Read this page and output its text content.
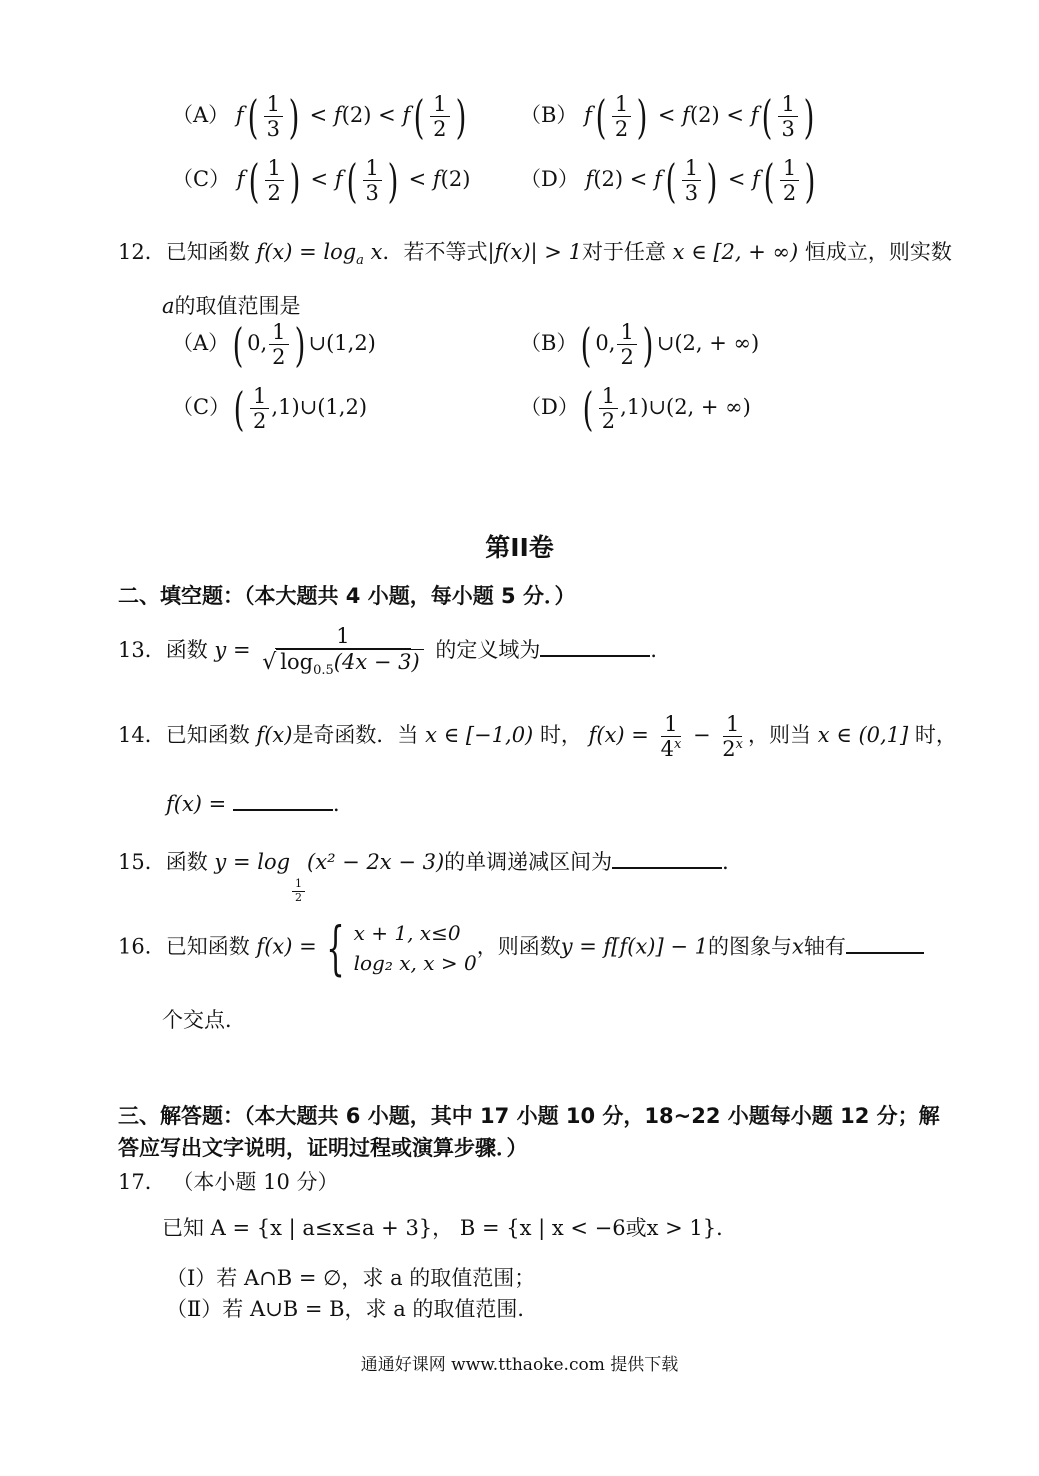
（A） $f( \frac{1}{3}$ ) < $f(2) < f( \frac{1}{2}$ )	（B） $f( \frac{1}{2}$ ) < $f(2) < f( \frac{1}{3}$ )
（C） $f( \frac{1}{2}$ ) < $f( \frac{1}{3}$ ) < f(2) （D） $f(2) < f( \frac{1}{3}$ ) < $f( \frac{1}{2}$ )
12．已知函数 $f(x) = \log_a x$．若不等式|f(x)| > 1对于任意 x ∈ [2, + ∞) 恒成立，则实数
a的取值范围是
（A）( 0, $\frac{1}{2}$ ) ∪(1,2)	（B）( 0, $\frac{1}{2}$ ) ∪(2, + ∞)
$(C)( \frac{1}{2}$ ,1)∪(1,2)	$(D)( \frac{1}{2}$ ,1)∪(2, + ∞)
第II卷
二、填空题：（本大题共 4 小题，每小题 5 分．）
13．函数 $y = \frac{1}{√ \log_{0.5}(4x - 3)}$ 的定义域为	．
14．已知函数 f(x)是奇函数．当 x ∈ [−1,0) 时， $f(x) = \frac{1}{4^x} - \frac{1}{2^x}$ ，则当 x ∈ (0,1] 时，
f(x) =	．
15．函数 y = log
$\frac{1}{2}$
(x² − 2x − 3)的单调递减区间为	．
16．已知函数 f(x) = { x + 1, x≤0
log₂ x, x > 0
，则函数y = f[f(x)] − 1的图象与x轴有
个交点．
三、解答题：（本大题共 6 小题，其中 17 小题 10 分，18~22 小题每小题 12 分；解
答应写出文字说明，证明过程或演算步骤．）
17． （本小题 10 分）
已知 A = {x | a≤x≤a + 3}， B = {x | x < −6或x > 1}．
（Ⅰ）若 A∩B = ∅，求 a 的取值范围；
（Ⅱ）若 A∪B = B，求 a 的取值范围．
通通好课网 www.tthaoke.com 提供下载
